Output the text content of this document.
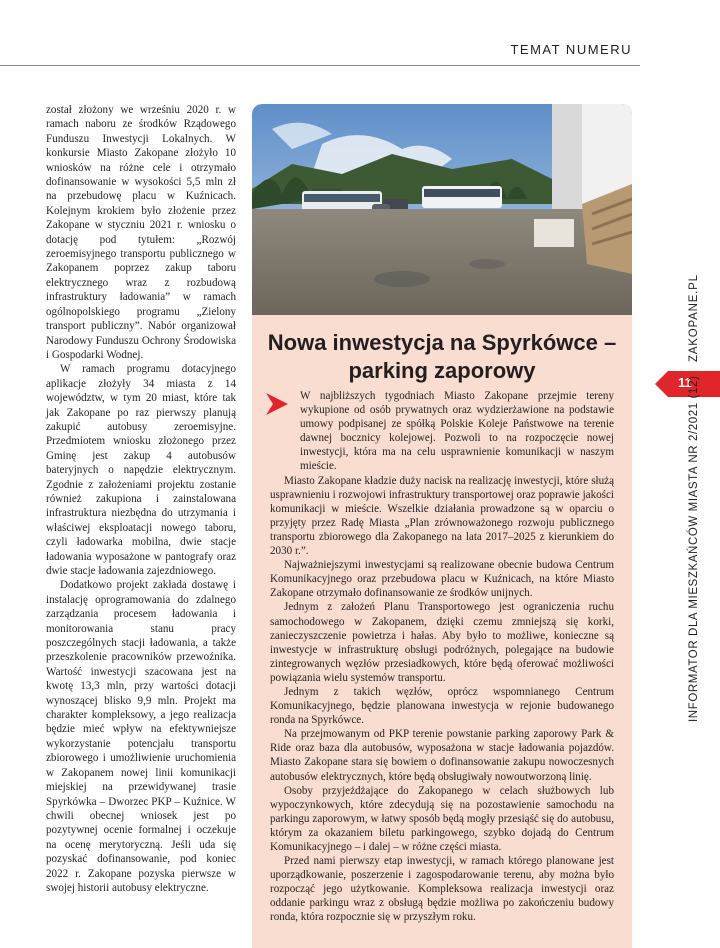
TEMAT NUMERU

został złożony we wrześniu 2020 r. w ramach naboru ze środków Rządowego Funduszu Inwestycji Lokalnych. W konkursie Miasto Zakopane złożyło 10 wniosków na różne cele i otrzymało dofinansowanie w wysokości 5,5 mln zł na przebudowę placu w Kuźnicach. Kolejnym krokiem było złożenie przez Zakopane w styczniu 2021 r. wniosku o dotację pod tytułem: „Rozwój zeroemisyjnego transportu publicznego w Zakopanem poprzez zakup taboru elektrycznego wraz z rozbudową infrastruktury ładowania” w ramach ogólnopolskiego programu „Zielony transport publiczny”. Nabór organizował Narodowy Funduszu Ochrony Środowiska i Gospodarki Wodnej.

W ramach programu dotacyjnego aplikacje złożyły 34 miasta z 14 województw, w tym 20 miast, które tak jak Zakopane po raz pierwszy planują zakupić autobusy zeroemisyjne. Przedmiotem wniosku złożonego przez Gminę jest zakup 4 autobusów bateryjnych o napędzie elektrycznym. Zgodnie z założeniami projektu zostanie również zakupiona i zainstalowana infrastruktura niezbędna do utrzymania i właściwej eksploatacji nowego taboru, czyli ładowarka mobilna, dwie stacje ładowania wyposażone w pantografy oraz dwie stacje ładowania zajezdniowego.

Dodatkowo projekt zakłada dostawę i instalację oprogramowania do zdalnego zarządzania procesem ładowania i monitorowania stanu pracy poszczególnych stacji ładowania, a także przeszkolenie pracowników przewoźnika. Wartość inwestycji szacowana jest na kwotę 13,3 mln, przy wartości dotacji wynoszącej blisko 9,9 mln. Projekt ma charakter kompleksowy, a jego realizacja będzie mieć wpływ na efektywniejsze wykorzystanie potencjału transportu zbiorowego i umożliwienie uruchomienia w Zakopanem nowej linii komunikacji miejskiej na przewidywanej trasie Spyrkówka – Dworzec PKP – Kuźnice. W chwili obecnej wniosek jest po pozytywnej ocenie formalnej i oczekuje na ocenę merytoryczną. Jeśli uda się pozyskać dofinansowanie, pod koniec 2022 r. Zakopane pozyska pierwsze w swojej historii autobusy elektryczne.

Nowa inwestycja na Spyrkówce –
parking zaporowy

W najbliższych tygodniach Miasto Zakopane przejmie tereny wykupione od osób prywatnych oraz wydzierżawione na podstawie umowy podpisanej ze spółką Polskie Koleje Państwowe na terenie dawnej bocznicy kolejowej. Pozwoli to na rozpoczęcie nowej inwestycji, która ma na celu usprawnienie komunikacji w naszym mieście.

Miasto Zakopane kładzie duży nacisk na realizację inwestycji, które służą usprawnieniu i rozwojowi infrastruktury transportowej oraz poprawie jakości komunikacji w mieście. Wszelkie działania prowadzone są w oparciu o przyjęty przez Radę Miasta „Plan zrównoważonego rozwoju publicznego transportu zbiorowego dla Zakopanego na lata 2017–2025 z kierunkiem do 2030 r.”.

Najważniejszymi inwestycjami są realizowane obecnie budowa Centrum Komunikacyjnego oraz przebudowa placu w Kuźnicach, na które Miasto Zakopane otrzymało dofinansowanie ze środków unijnych.

Jednym z założeń Planu Transportowego jest ograniczenia ruchu samochodowego w Zakopanem, dzięki czemu zmniejszą się korki, zanieczyszczenie powietrza i hałas. Aby było to możliwe, konieczne są inwestycje w infrastrukturę obsługi podróżnych, polegające na budowie zintegrowanych węzłów przesiadkowych, które będą oferować możliwości powiązania wielu systemów transportu.

Jednym z takich węzłów, oprócz wspomnianego Centrum Komunikacyjnego, będzie planowana inwestycja w rejonie budowanego ronda na Spyrkówce.

Na przejmowanym od PKP terenie powstanie parking zaporowy Park & Ride oraz baza dla autobusów, wyposażona w stacje ładowania pojazdów. Miasto Zakopane stara się bowiem o dofinansowanie zakupu nowoczesnych autobusów elektrycznych, które będą obsługiwały nowoutworzoną linię.

Osoby przyjeżdżające do Zakopanego w celach służbowych lub wypoczynkowych, które zdecydują się na pozostawienie samochodu na parkingu zaporowym, w łatwy sposób będą mogły przesiąść się do autobusu, którym za okazaniem biletu parkingowego, szybko dojadą do Centrum Komunikacyjnego – i dalej – w różne części miasta.

Przed nami pierwszy etap inwestycji, w ramach którego planowane jest uporządkowanie, poszerzenie i zagospodarowanie terenu, aby można było rozpocząć jego użytkowanie. Kompleksowa realizacja inwestycji oraz oddanie parkingu wraz z obsługą będzie możliwa po zakończeniu budowy ronda, która rozpocznie się w przyszłym roku.

11
ZAKOPANE.PL
INFORMATOR DLA MIESZKAŃCÓW MIASTA NR 2/2021 (12)
